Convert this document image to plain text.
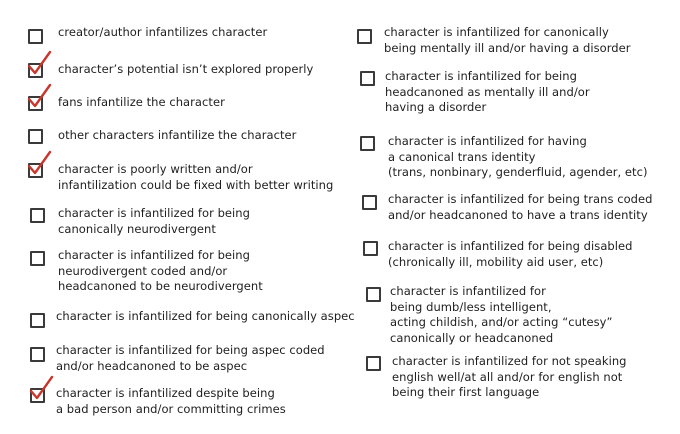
creator/author infantilizes character
character’s potential isn’t explored properly
fans infantilize the character
other characters infantilize the character
character is poorly written and/or
infantilization could be fixed with better writing
character is infantilized for being
canonically neurodivergent
character is infantilized for being
neurodivergent coded and/or
headcanoned to be neurodivergent
character is infantilized for being canonically aspec
character is infantilized for being aspec coded
and/or headcanoned to be aspec
character is infantilized despite being
a bad person and/or committing crimes
character is infantilized for canonically
being mentally ill and/or having a disorder
character is infantilized for being
headcanoned as mentally ill and/or
having a disorder
character is infantilized for having
a canonical trans identity
(trans, nonbinary, genderfluid, agender, etc)
character is infantilized for being trans coded
and/or headcanoned to have a trans identity
character is infantilized for being disabled
(chronically ill, mobility aid user, etc)
character is infantilized for
being dumb/less intelligent,
acting childish, and/or acting “cutesy”
canonically or headcanoned
character is infantilized for not speaking
english well/at all and/or for english not
being their first language
